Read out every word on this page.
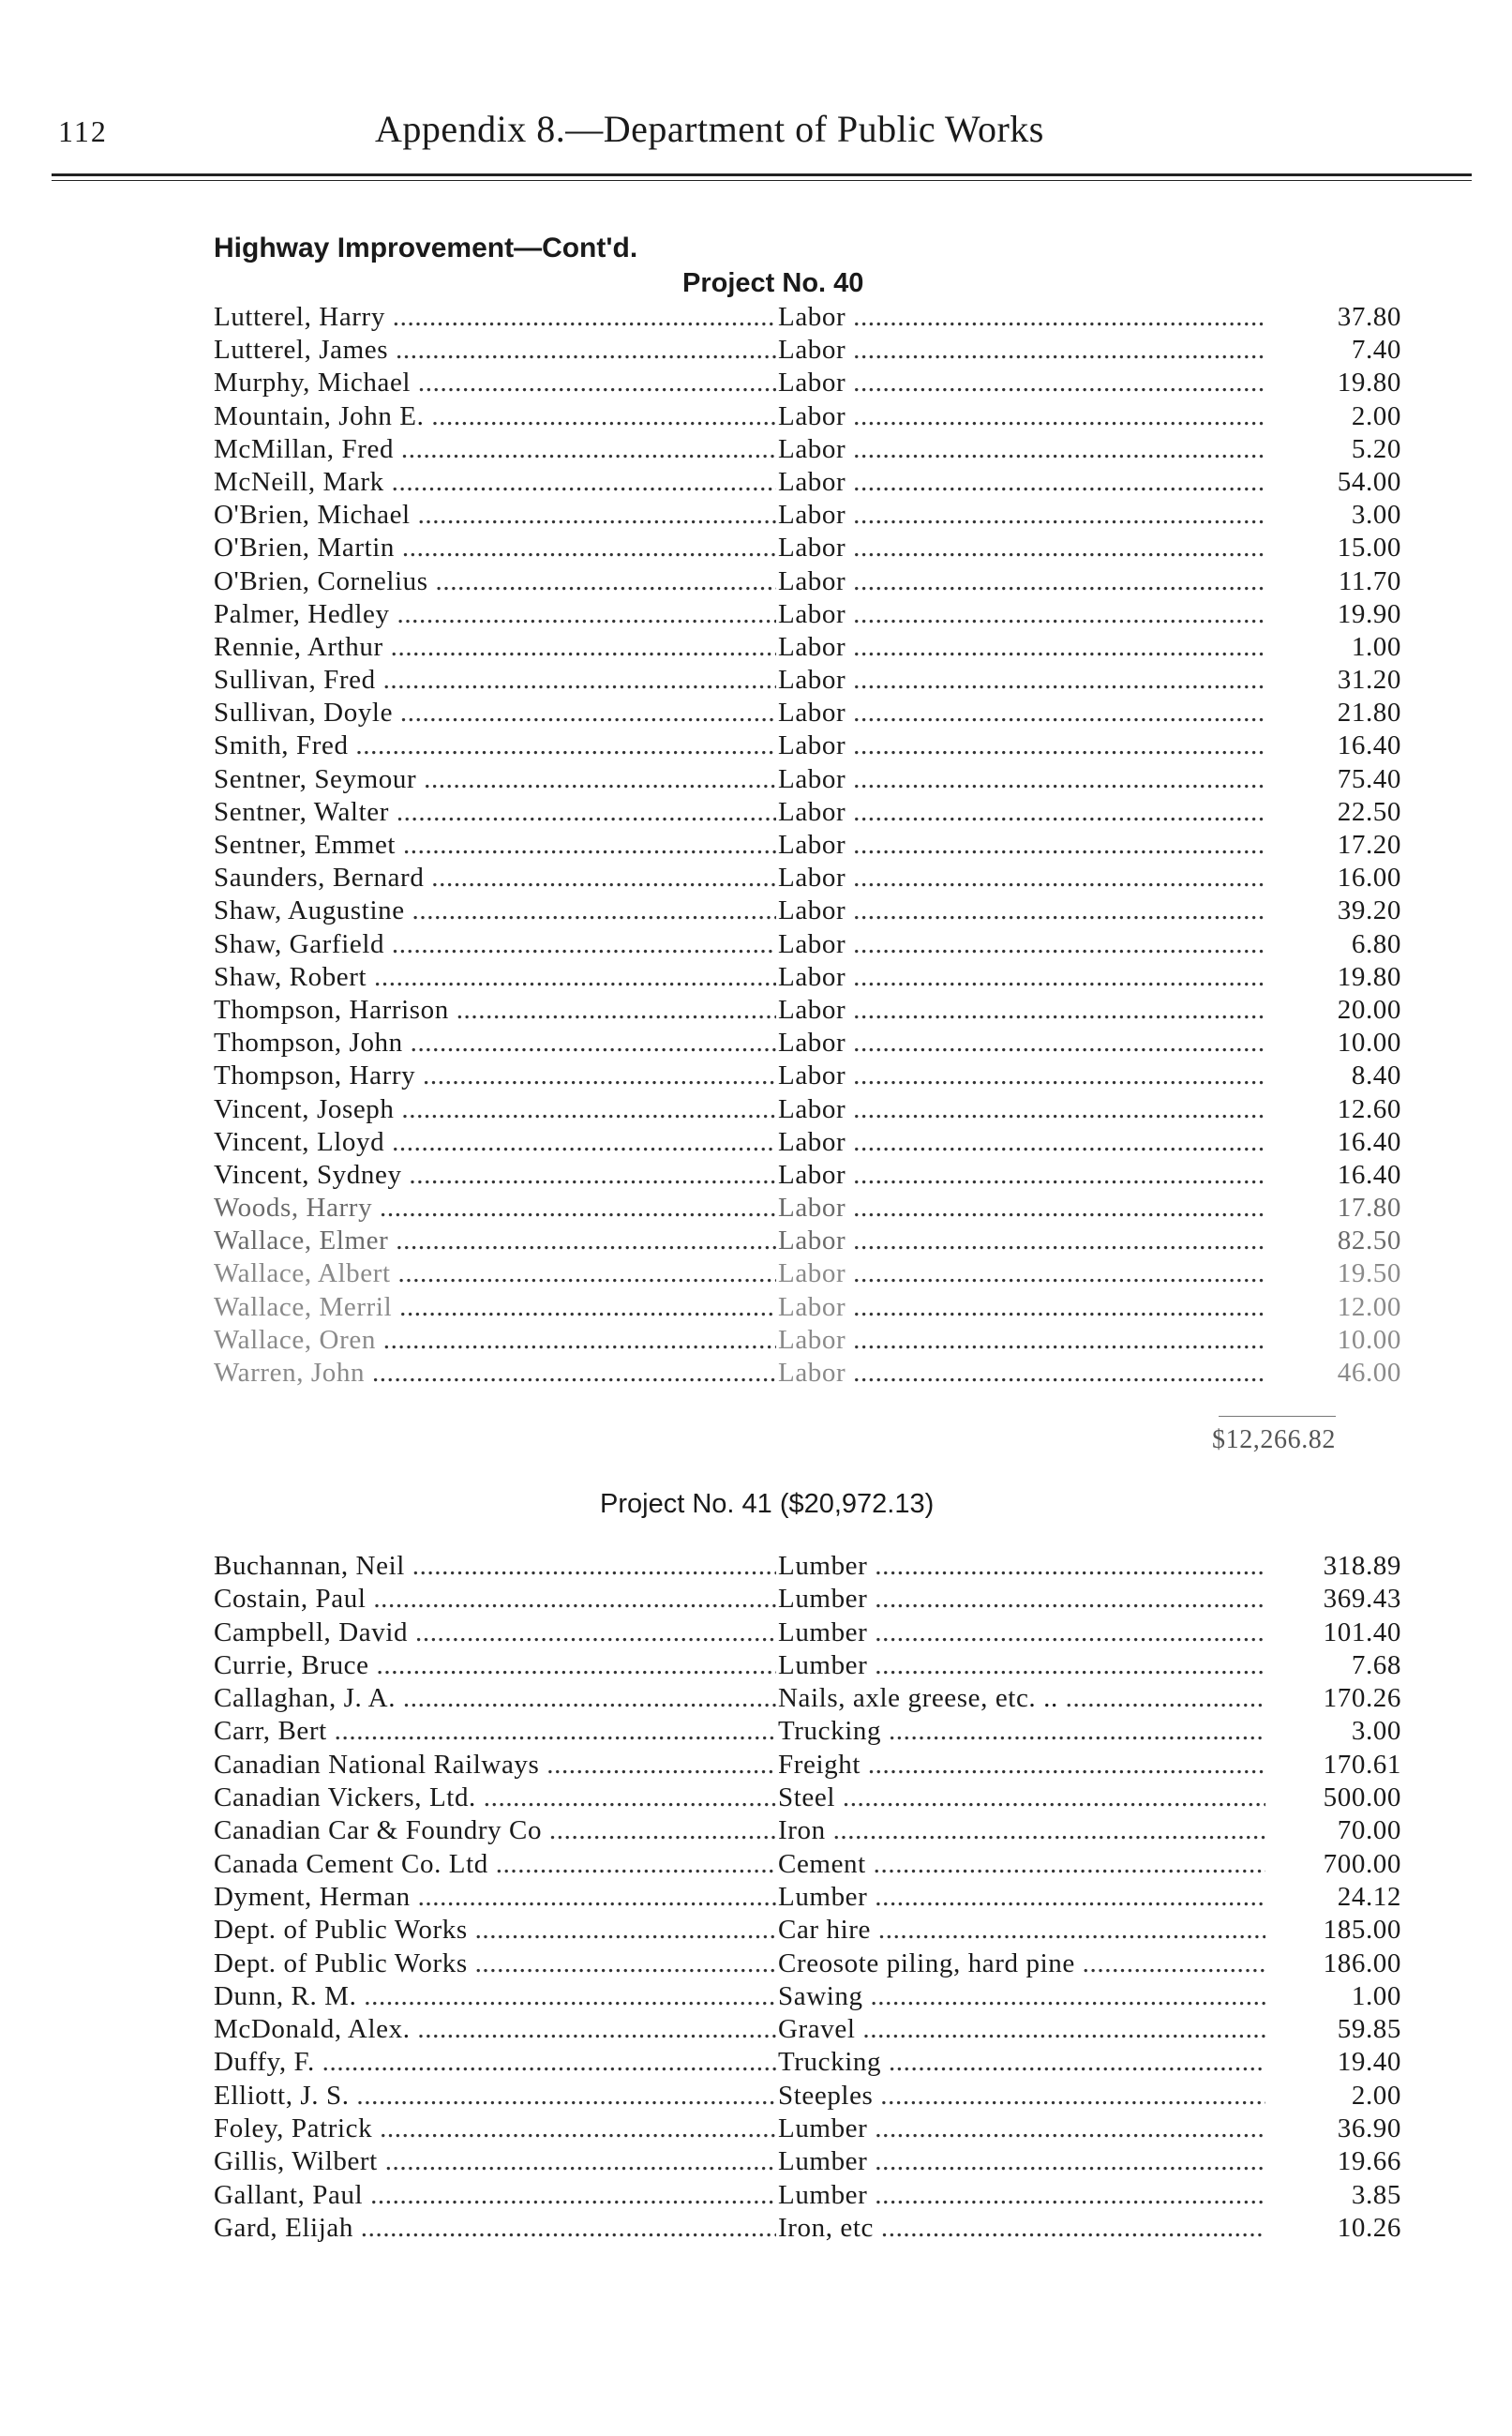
112	Appendix 8.—Department of Public Works
Highway Improvement—Cont'd.
Project No. 40
Lutterel, Harry .....	Labor .....	37.80
Lutterel, James .....	Labor .....	7.40
Murphy, Michael .....	Labor .....	19.80
Mountain, John E. .....	Labor .....	2.00
McMillan, Fred .....	Labor .....	5.20
McNeill, Mark .....	Labor .....	54.00
O'Brien, Michael .....	Labor .....	3.00
O'Brien, Martin .....	Labor .....	15.00
O'Brien, Cornelius .....	Labor .....	11.70
Palmer, Hedley .....	Labor .....	19.90
Rennie, Arthur .....	Labor .....	1.00
Sullivan, Fred .....	Labor .....	31.20
Sullivan, Doyle .....	Labor .....	21.80
Smith, Fred .....	Labor .....	16.40
Sentner, Seymour .....	Labor .....	75.40
Sentner, Walter .....	Labor .....	22.50
Sentner, Emmet .....	Labor .....	17.20
Saunders, Bernard .....	Labor .....	16.00
Shaw, Augustine .....	Labor .....	39.20
Shaw, Garfield .....	Labor .....	6.80
Shaw, Robert .....	Labor .....	19.80
Thompson, Harrison .....	Labor .....	20.00
Thompson, John .....	Labor .....	10.00
Thompson, Harry .....	Labor .....	8.40
Vincent, Joseph .....	Labor .....	12.60
Vincent, Lloyd .....	Labor .....	16.40
Vincent, Sydney .....	Labor .....	16.40
Woods, Harry .....	Labor .....	17.80
Wallace, Elmer .....	Labor .....	82.50
Wallace, Albert .....	Labor .....	19.50
Wallace, Merril .....	Labor .....	12.00
Wallace, Oren .....	Labor .....	10.00
Warren, John .....	Labor .....	46.00
$12,266.82
Project No. 41 ($20,972.13)
Buchannan, Neil .....	Lumber .....	318.89
Costain, Paul .....	Lumber .....	369.43
Campbell, David .....	Lumber .....	101.40
Currie, Bruce .....	Lumber .....	7.68
Callaghan, J. A. .....	Nails, axle greese, etc. .. .....	170.26
Carr, Bert .....	Trucking .....	3.00
Canadian National Railways .....	Freight .....	170.61
Canadian Vickers, Ltd. .....	Steel .....	500.00
Canadian Car & Foundry Co .....	Iron .....	70.00
Canada Cement Co. Ltd .....	Cement .....	700.00
Dyment, Herman .....	Lumber .....	24.12
Dept. of Public Works .....	Car hire .....	185.00
Dept. of Public Works .....	Creosote piling, hard pine .....	186.00
Dunn, R. M. .....	Sawing .....	1.00
McDonald, Alex. .....	Gravel .....	59.85
Duffy, F. .....	Trucking .....	19.40
Elliott, J. S. .....	Steeples .....	2.00
Foley, Patrick .....	Lumber .....	36.90
Gillis, Wilbert .....	Lumber .....	19.66
Gallant, Paul .....	Lumber .....	3.85
Gard, Elijah .....	Iron, etc .....	10.26
